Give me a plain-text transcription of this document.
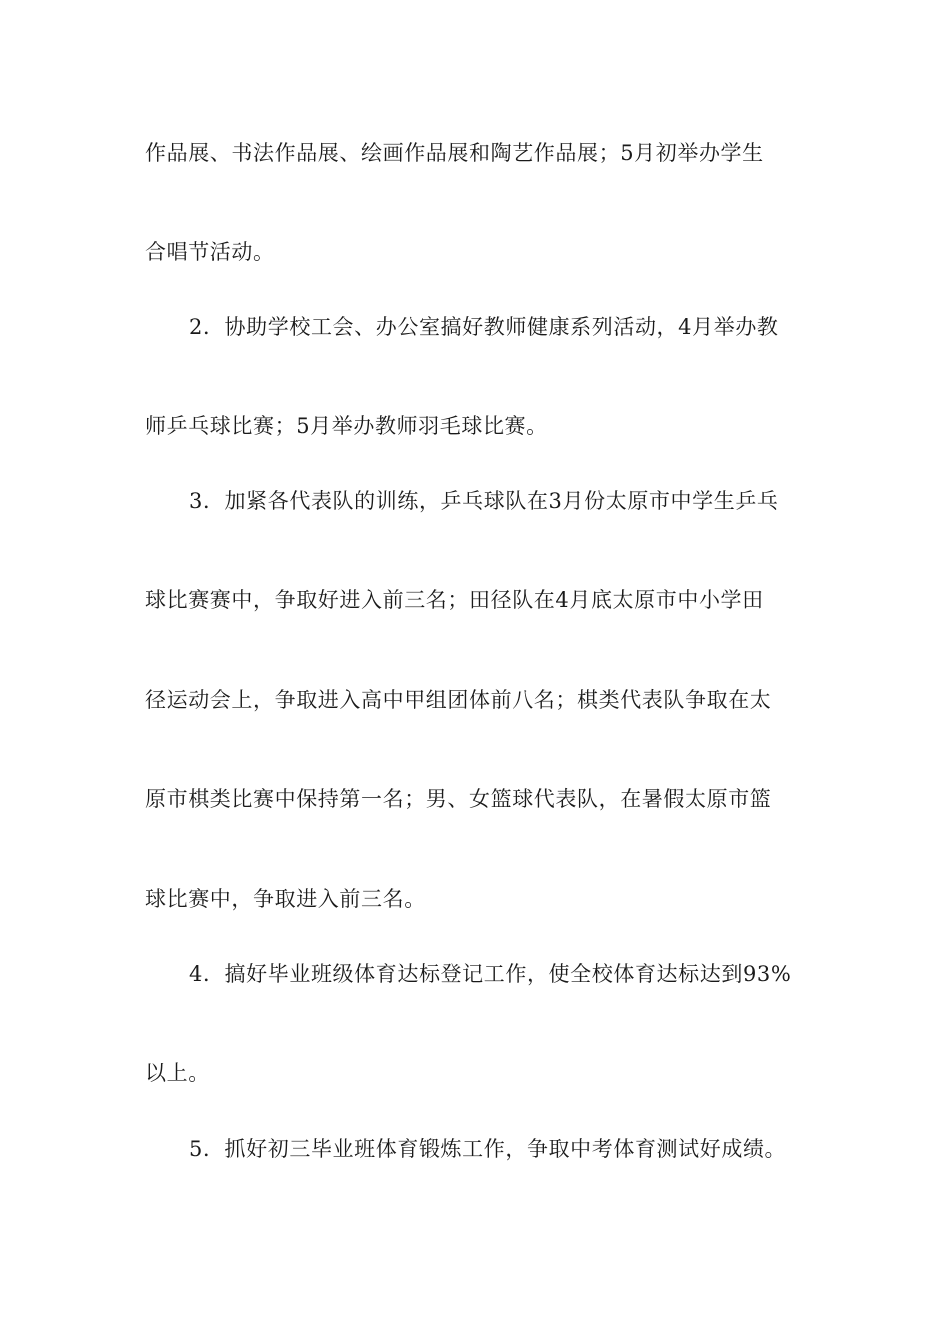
作品展、书法作品展、绘画作品展和陶艺作品展；5月初举办学生
合唱节活动。
2．协助学校工会、办公室搞好教师健康系列活动，4月举办教
师乒乓球比赛；5月举办教师羽毛球比赛。
3．加紧各代表队的训练，乒乓球队在3月份太原市中学生乒乓
球比赛赛中，争取好进入前三名；田径队在4月底太原市中小学田
径运动会上，争取进入高中甲组团体前八名；棋类代表队争取在太
原市棋类比赛中保持第一名；男、女篮球代表队，在暑假太原市篮
球比赛中，争取进入前三名。
4．搞好毕业班级体育达标登记工作，使全校体育达标达到93%
以上。
5．抓好初三毕业班体育锻炼工作，争取中考体育测试好成绩。
